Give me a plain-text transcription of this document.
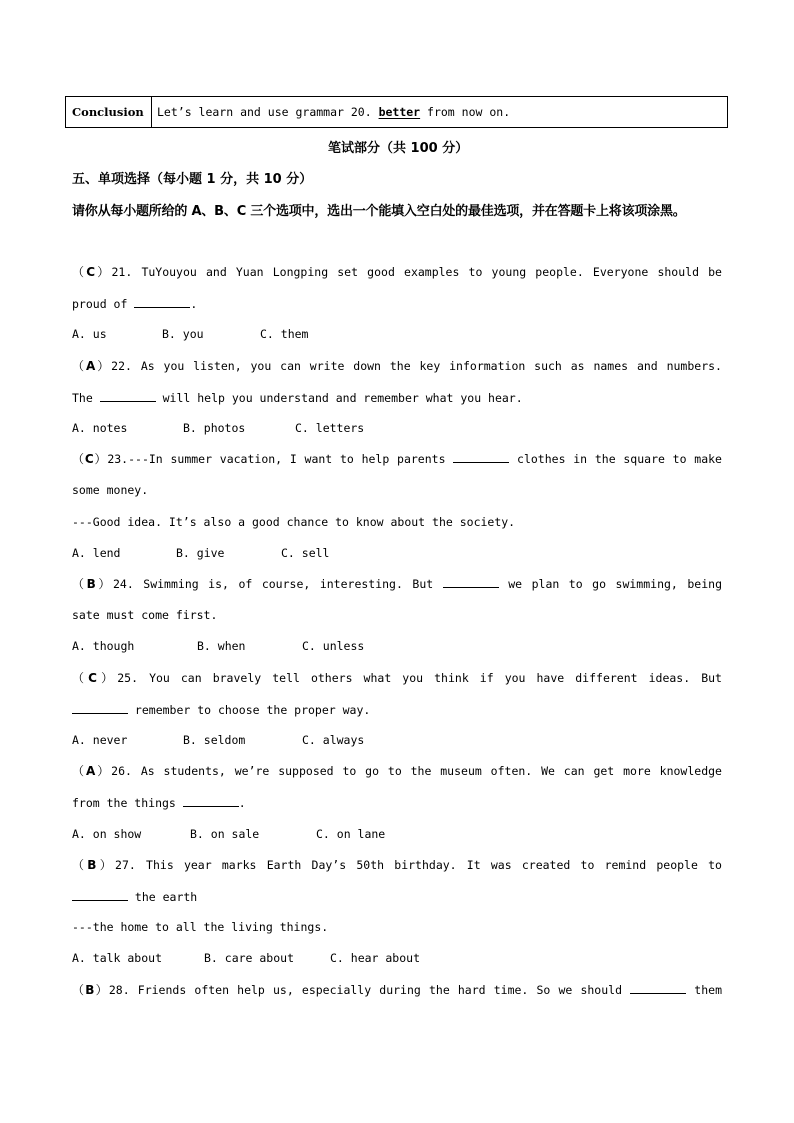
Conclusion	Let’s learn and use grammar 20. better from now on.
笔试部分（共 100 分）
五、单项选择（每小题 1 分，共 10 分）
请你从每小题所给的 A、B、C 三个选项中，选出一个能填入空白处的最佳选项，并在答题卡上将该项涂黑。
（C）21. TuYouyou and Yuan Longping set good examples to young people. Everyone should be
proud of	.
A. us	B. you	C. them
（A）22. As you listen, you can write down the key information such as names and numbers.
The	will help you understand and remember what you hear.
A. notes	B. photos	C. letters
（C）23.---In summer vacation, I want to help parents	clothes in the square to make
some money.
---Good idea. It’s also a good chance to know about the society.
A. lend	B. give	C. sell
（B）24. Swimming is, of course, interesting. But	we plan to go swimming, being
sate must come first.
A. though	B. when	C. unless
（C）25. You can bravely tell others what you think if you have different ideas. But
remember to choose the proper way.
A. never	B. seldom	C. always
（A）26. As students, we’re supposed to go to the museum often. We can get more knowledge
from the things	.
A. on show	B. on sale	C. on lane
（B）27. This year marks Earth Day’s 50th birthday. It was created to remind people to
the earth
---the home to all the living things.
A. talk about	B. care about	C. hear about
（B）28. Friends often help us, especially during the hard time. So we should	them
